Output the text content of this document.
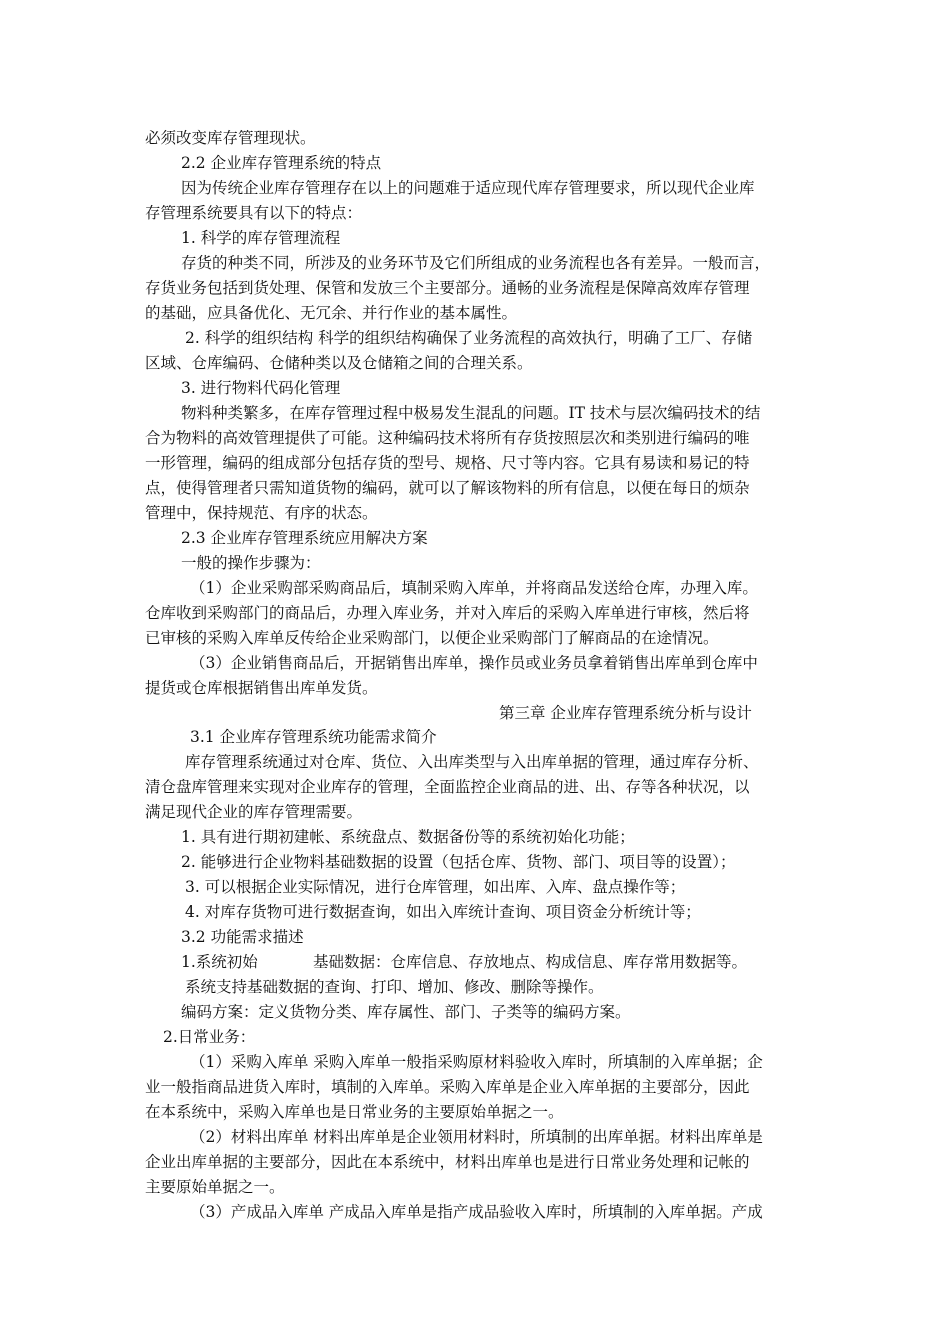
必须改变库存管理现状。
2.2 企业库存管理系统的特点
因为传统企业库存管理存在以上的问题难于适应现代库存管理要求，所以现代企业库
存管理系统要具有以下的特点：
1. 科学的库存管理流程
存货的种类不同，所涉及的业务环节及它们所组成的业务流程也各有差异。一般而言，
存货业务包括到货处理、保管和发放三个主要部分。通畅的业务流程是保障高效库存管理
的基础，应具备优化、无冗余、并行作业的基本属性。
2. 科学的组织结构 科学的组织结构确保了业务流程的高效执行，明确了工厂、存储
区域、仓库编码、仓储种类以及仓储箱之间的合理关系。
3. 进行物料代码化管理
物料种类繁多，在库存管理过程中极易发生混乱的问题。IT 技术与层次编码技术的结
合为物料的高效管理提供了可能。这种编码技术将所有存货按照层次和类别进行编码的唯
一形管理，编码的组成部分包括存货的型号、规格、尺寸等内容。它具有易读和易记的特
点，使得管理者只需知道货物的编码，就可以了解该物料的所有信息，以便在每日的烦杂
管理中，保持规范、有序的状态。
2.3 企业库存管理系统应用解决方案
一般的操作步骤为：
（1）企业采购部采购商品后，填制采购入库单，并将商品发送给仓库，办理入库。
仓库收到采购部门的商品后，办理入库业务，并对入库后的采购入库单进行审核，然后将
已审核的采购入库单反传给企业采购部门，以便企业采购部门了解商品的在途情况。
（3）企业销售商品后，开据销售出库单，操作员或业务员拿着销售出库单到仓库中
提货或仓库根据销售出库单发货。
第三章 企业库存管理系统分析与设计
3.1 企业库存管理系统功能需求简介
库存管理系统通过对仓库、货位、入出库类型与入出库单据的管理，通过库存分析、
清仓盘库管理来实现对企业库存的管理，全面监控企业商品的进、出、存等各种状况，以
满足现代企业的库存管理需要。
1. 具有进行期初建帐、系统盘点、数据备份等的系统初始化功能；
2. 能够进行企业物料基础数据的设置（包括仓库、货物、部门、项目等的设置）；
3. 可以根据企业实际情况，进行仓库管理，如出库、入库、盘点操作等；
4. 对库存货物可进行数据查询，如出入库统计查询、项目资金分析统计等；
3.2 功能需求描述
1.系统初始	基础数据：仓库信息、存放地点、构成信息、库存常用数据等。
系统支持基础数据的查询、打印、增加、修改、删除等操作。
编码方案：定义货物分类、库存属性、部门、子类等的编码方案。
2.日常业务：
（1）采购入库单 采购入库单一般指采购原材料验收入库时，所填制的入库单据；企
业一般指商品进货入库时，填制的入库单。采购入库单是企业入库单据的主要部分，因此
在本系统中，采购入库单也是日常业务的主要原始单据之一。
（2）材料出库单 材料出库单是企业领用材料时，所填制的出库单据。材料出库单是
企业出库单据的主要部分，因此在本系统中，材料出库单也是进行日常业务处理和记帐的
主要原始单据之一。
（3）产成品入库单 产成品入库单是指产成品验收入库时，所填制的入库单据。产成
